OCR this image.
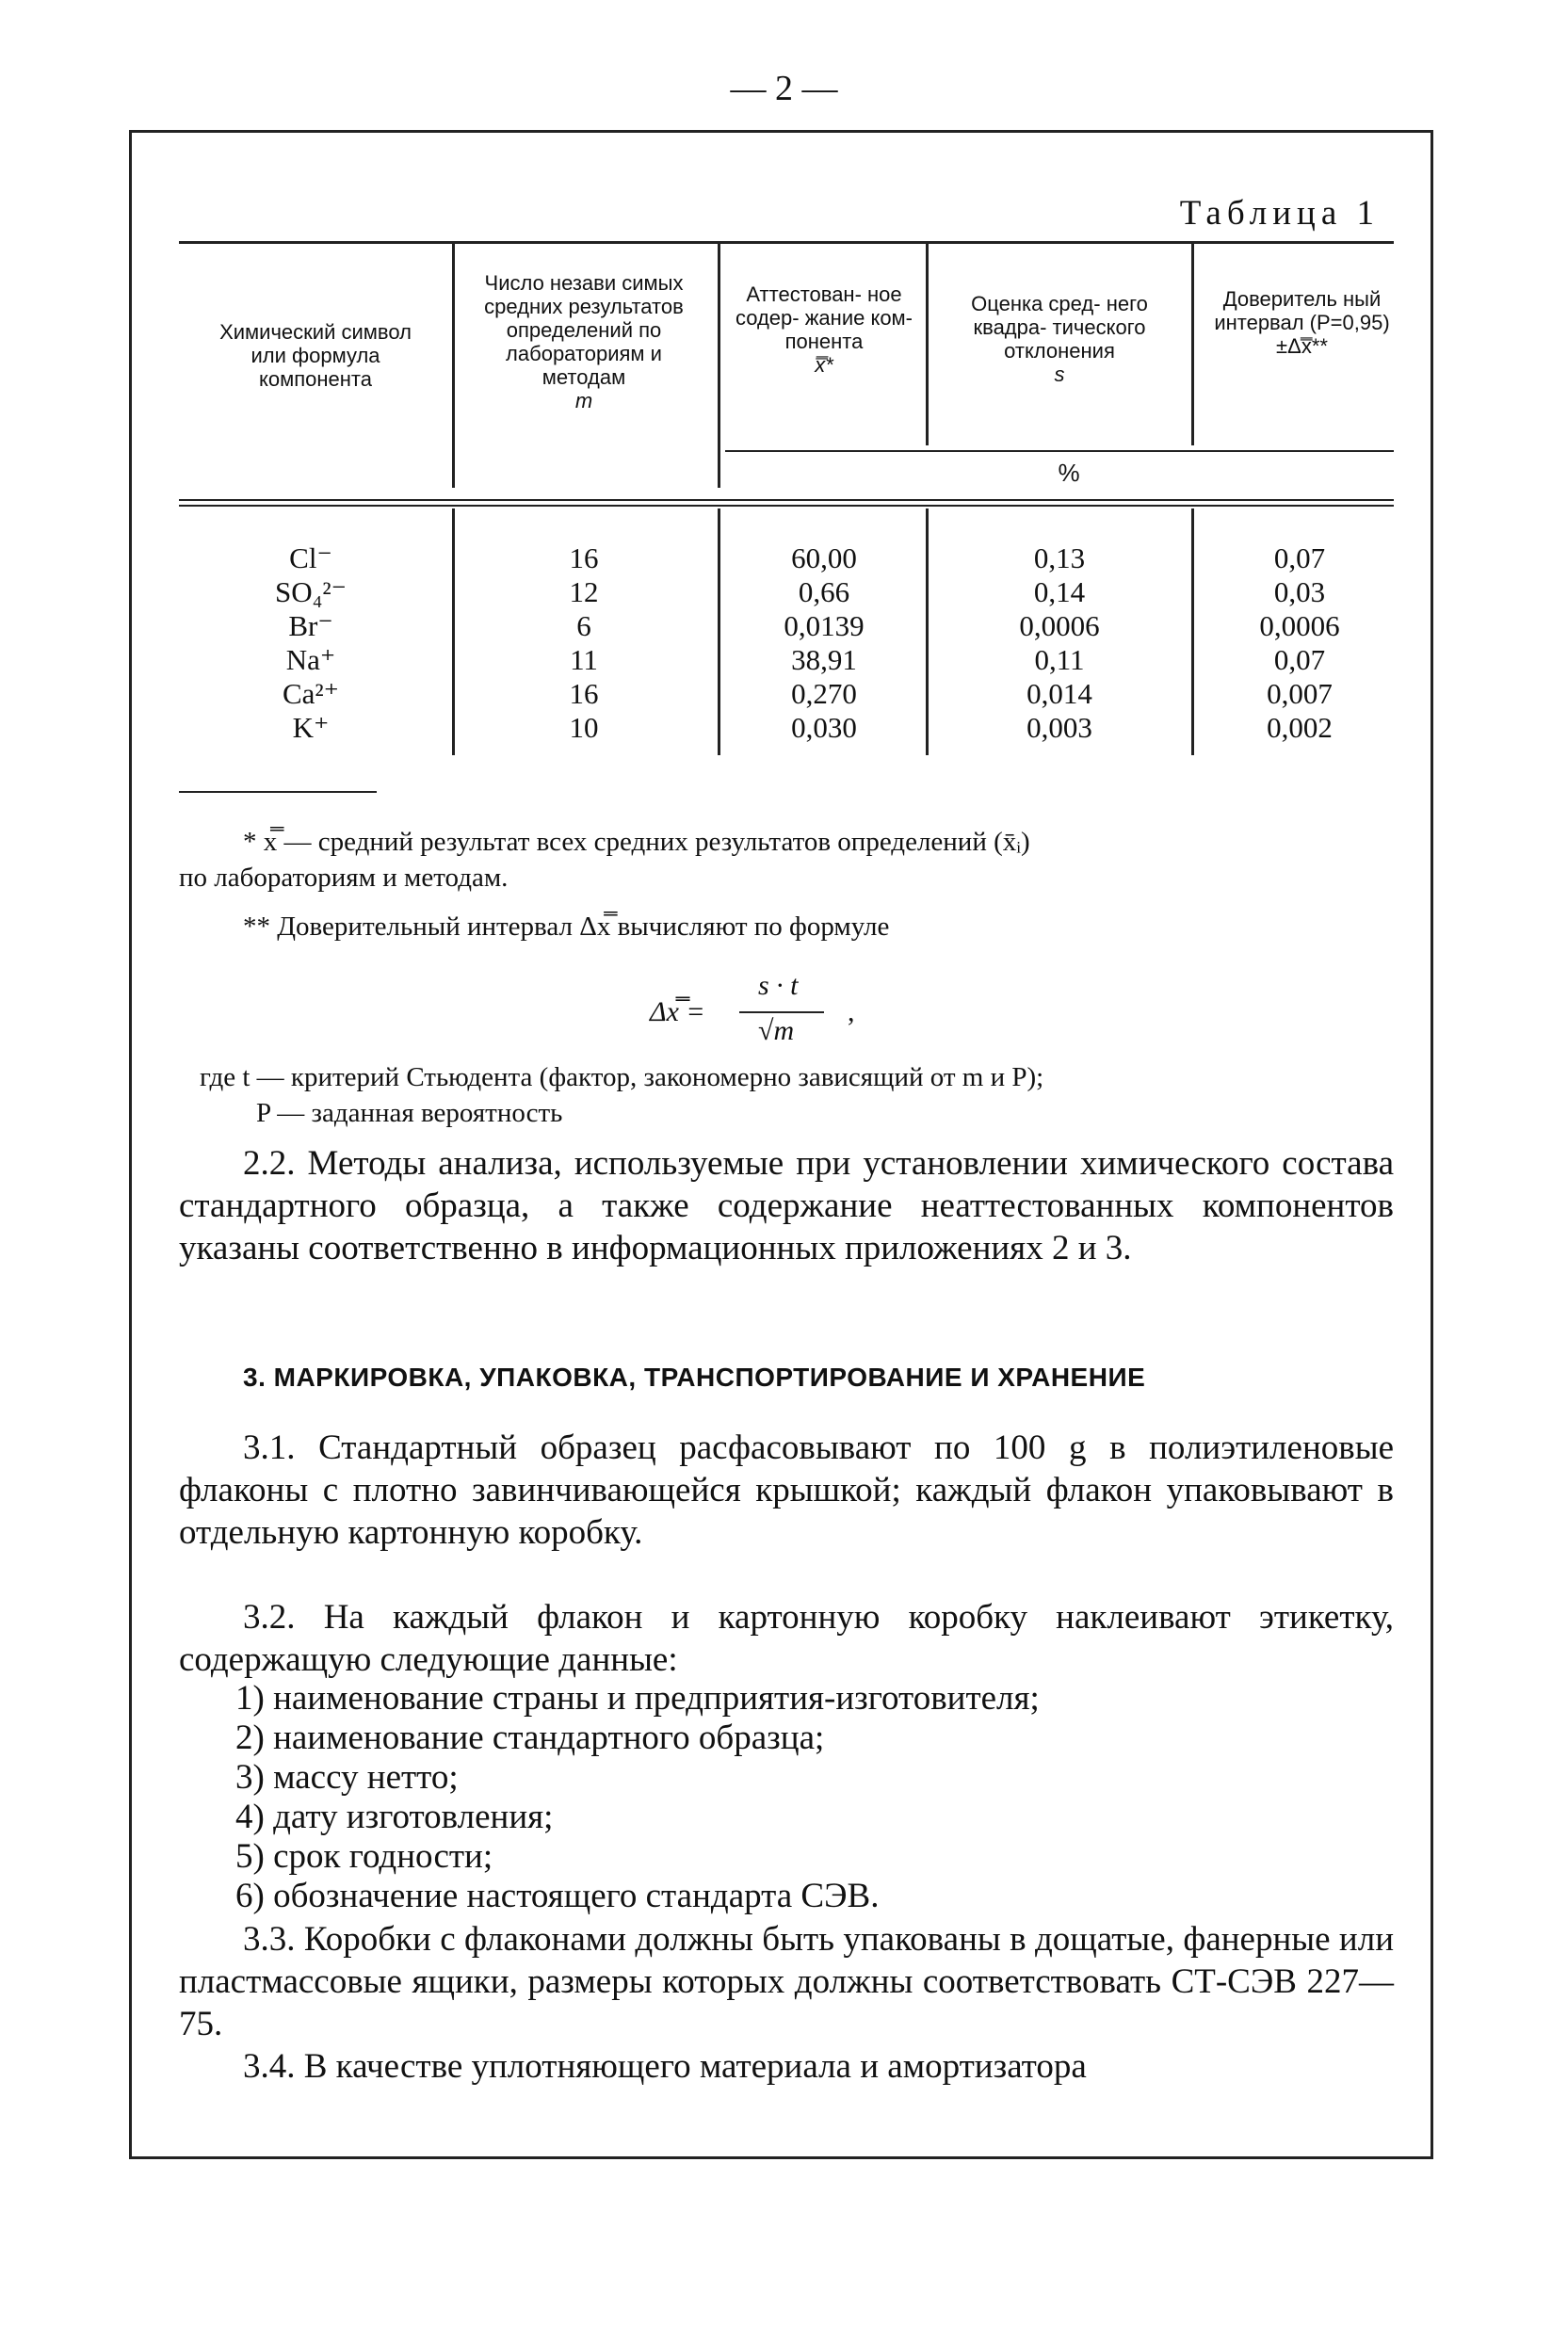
— 2 —
Таблица 1
Химический символ или формула компонента
Число незави симых средних результатов определений по лабораториям и методам
m
Аттестован- ное содер- жание ком- понента
x̿*
Оценка сред- него квадра- тического отклонения
s
Доверитель ный интервал (P=0,95)
±Δx̿**
%
Cl⁻
SO₄²⁻
Br⁻
Na⁺
Ca²⁺
K⁺
16
12
6
11
16
10
60,00
0,66
0,0139
38,91
0,270
0,030
0,13
0,14
0,0006
0,11
0,014
0,003
0,07
0,03
0,0006
0,07
0,007
0,002
* x̿ — средний результат всех средних результатов определений (x̄ᵢ)
по лабораториям и методам.
** Доверительный интервал Δx̿ вычисляют по формуле
Δx̿ =
s · t
√m
,
где t — критерий Стьюдента (фактор, закономерно зависящий от m и P);
P — заданная вероятность
2.2. Методы анализа, используемые при установлении химического состава стандартного образца, а также содержание неаттестованных компонентов указаны соответственно в информационных приложениях 2 и 3.
3. МАРКИРОВКА, УПАКОВКА, ТРАНСПОРТИРОВАНИЕ И ХРАНЕНИЕ
3.1. Стандартный образец расфасовывают по 100 g в полиэтиленовые флаконы с плотно завинчивающейся крышкой; каждый флакон упаковывают в отдельную картонную коробку.
3.2. На каждый флакон и картонную коробку наклеивают этикетку, содержащую следующие данные:
1) наименование страны и предприятия-изготовителя;
2) наименование стандартного образца;
3) массу нетто;
4) дату изготовления;
5) срок годности;
6) обозначение настоящего стандарта СЭВ.
3.3. Коробки с флаконами должны быть упакованы в дощатые, фанерные или пластмассовые ящики, размеры которых должны соответствовать СТ-СЭВ 227—75.
3.4. В качестве уплотняющего материала и амортизатора
